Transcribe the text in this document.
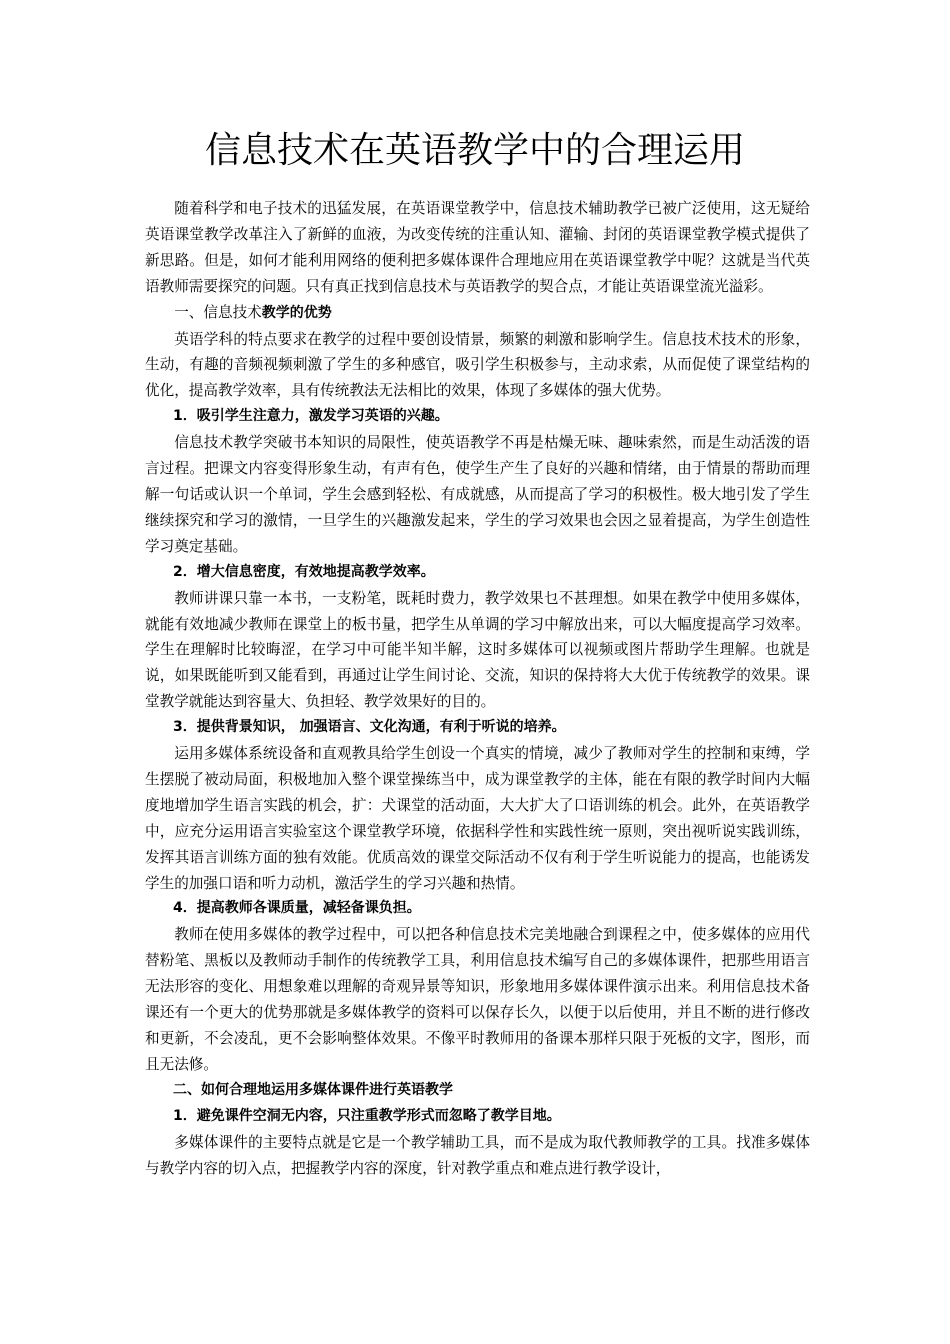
信息技术在英语教学中的合理运用

随着科学和电子技术的迅猛发展，在英语课堂教学中，信息技术辅助教学已被广泛使用，这无疑给英语课堂教学改革注入了新鲜的血液，为改变传统的注重认知、灌输、封闭的英语课堂教学模式提供了新思路。但是，如何才能利用网络的便利把多媒体课件合理地应用在英语课堂教学中呢？这就是当代英语教师需要探究的问题。只有真正找到信息技术与英语教学的契合点，才能让英语课堂流光溢彩。

一、信息技术教学的优势

英语学科的特点要求在教学的过程中要创设情景，频繁的刺激和影响学生。信息技术技术的形象，生动，有趣的音频视频刺激了学生的多种感官，吸引学生积极参与，主动求索，从而促使了课堂结构的优化，提高教学效率，具有传统教法无法相比的效果，体现了多媒体的强大优势。

1．吸引学生注意力，激发学习英语的兴趣。

信息技术教学突破书本知识的局限性，使英语教学不再是枯燥无味、趣味索然，而是生动活泼的语言过程。把课文内容变得形象生动，有声有色，使学生产生了良好的兴趣和情绪，由于情景的帮助而理解一句话或认识一个单词，学生会感到轻松、有成就感，从而提高了学习的积极性。极大地引发了学生继续探究和学习的激情，一旦学生的兴趣激发起来，学生的学习效果也会因之显着提高，为学生创造性学习奠定基础。

2．增大信息密度，有效地提高教学效率。

教师讲课只靠一本书，一支粉笔，既耗时费力，教学效果乜不甚理想。如果在教学中使用多媒体，就能有效地减少教师在课堂上的板书量，把学生从单调的学习中解放出来，可以大幅度提高学习效率。学生在理解时比较晦涩，在学习中可能半知半解，这时多媒体可以视频或图片帮助学生理解。也就是说，如果既能听到又能看到，再通过让学生间讨论、交流，知识的保持将大大优于传统教学的效果。课堂教学就能达到容量大、负担轻、教学效果好的目的。

3．提供背景知识， 加强语言、文化沟通，有利于听说的培养。

运用多媒体系统设备和直观教具给学生创设一个真实的情境，减少了教师对学生的控制和束缚，学生摆脱了被动局面，积极地加入整个课堂操练当中，成为课堂教学的主体，能在有限的教学时间内大幅度地增加学生语言实践的机会，扩：犬课堂的活动面，大大扩大了口语训练的机会。此外，在英语教学中，应充分运用语言实验室这个课堂教学环境，依据科学性和实践性统一原则，突出视听说实践训练，发挥其语言训练方面的独有效能。优质高效的课堂交际活动不仅有利于学生听说能力的提高，也能诱发学生的加强口语和听力动机，激活学生的学习兴趣和热情。

4．提高教师各课质量，减轻备课负担。

教师在使用多媒体的教学过程中，可以把各种信息技术完美地融合到课程之中，使多媒体的应用代替粉笔、黑板以及教师动手制作的传统教学工具，利用信息技术编写自己的多媒体课件，把那些用语言无法形容的变化、用想象难以理解的奇观异景等知识，形象地用多媒体课件演示出来。利用信息技术备课还有一个更大的优势那就是多媒体教学的资料可以保存长久，以便于以后使用，并且不断的进行修改和更新，不会凌乱，更不会影响整体效果。不像平时教师用的备课本那样只限于死板的文字，图形，而且无法修。

二、如何合理地运用多媒体课件进行英语教学

1．避免课件空洞无内容，只注重教学形式而忽略了教学目地。

多媒体课件的主要特点就是它是一个教学辅助工具，而不是成为取代教师教学的工具。找准多媒体与教学内容的切入点，把握教学内容的深度，针对教学重点和难点进行教学设计，
